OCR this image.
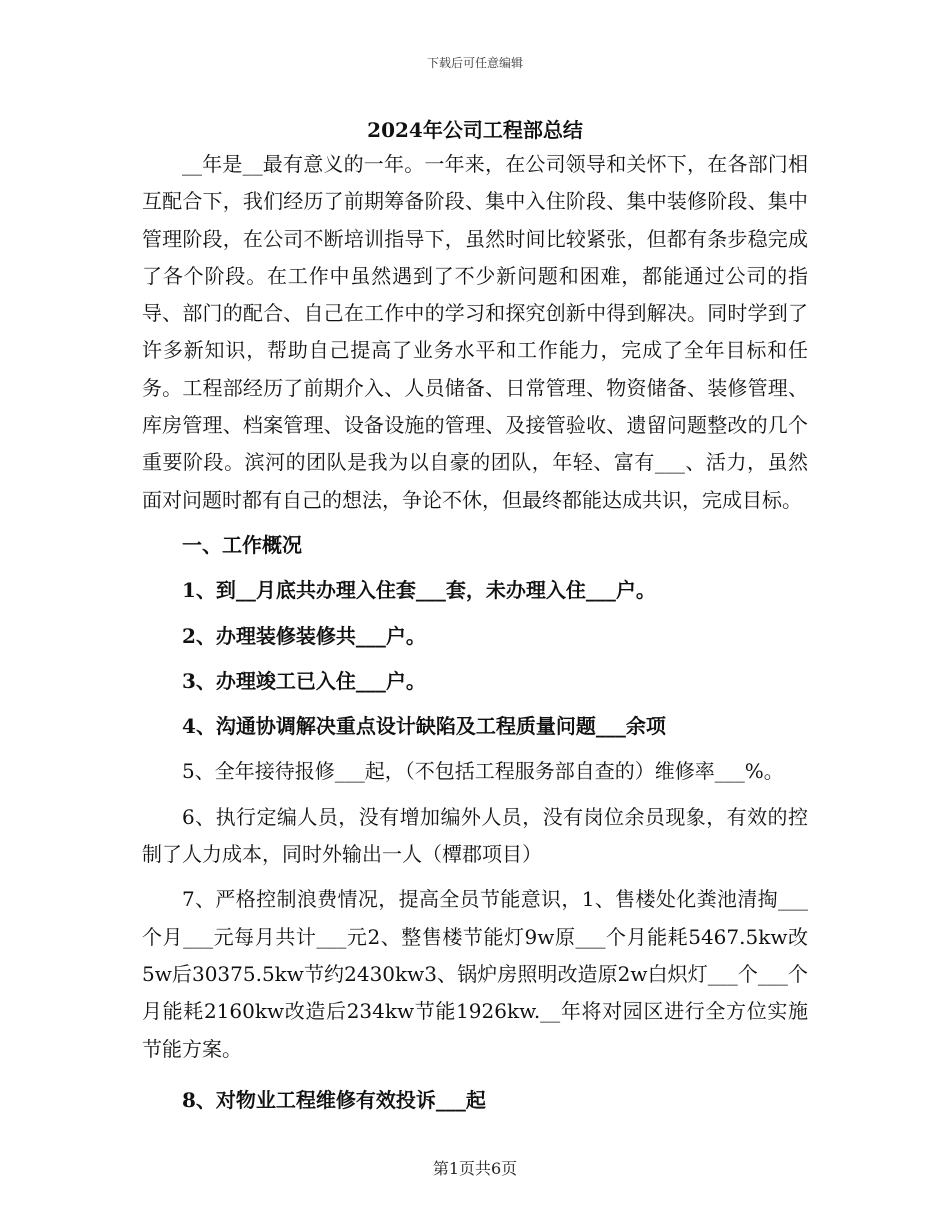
下载后可任意编辑
2024年公司工程部总结

__年是__最有意义的一年。一年来，在公司领导和关怀下，在各部门相互配合下，我们经历了前期筹备阶段、集中入住阶段、集中装修阶段、集中管理阶段，在公司不断培训指导下，虽然时间比较紧张，但都有条步稳完成了各个阶段。在工作中虽然遇到了不少新问题和困难，都能通过公司的指导、部门的配合、自己在工作中的学习和探究创新中得到解决。同时学到了许多新知识，帮助自己提高了业务水平和工作能力，完成了全年目标和任务。工程部经历了前期介入、人员储备、日常管理、物资储备、装修管理、库房管理、档案管理、设备设施的管理、及接管验收、遗留问题整改的几个重要阶段。滨河的团队是我为以自豪的团队，年轻、富有___、活力，虽然面对问题时都有自己的想法，争论不休，但最终都能达成共识，完成目标。

一、工作概况

1、到__月底共办理入住套___套，未办理入住___户。

2、办理装修装修共___户。

3、办理竣工已入住___户。

4、沟通协调解决重点设计缺陷及工程质量问题___余项

5、全年接待报修___起，（不包括工程服务部自查的）维修率___%。

6、执行定编人员，没有增加编外人员，没有岗位余员现象，有效的控制了人力成本，同时外输出一人（橝郡项目）

7、严格控制浪费情况，提高全员节能意识，1、售楼处化粪池清掏___个月___元每月共计___元2、整售楼节能灯9w原___个月能耗5467.5kw改5w后30375.5kw节约2430kw3、锅炉房照明改造原2w白炽灯___个___个月能耗2160kw改造后234kw节能1926kw.__年将对园区进行全方位实施节能方案。

8、对物业工程维修有效投诉___起

第1页共6页
